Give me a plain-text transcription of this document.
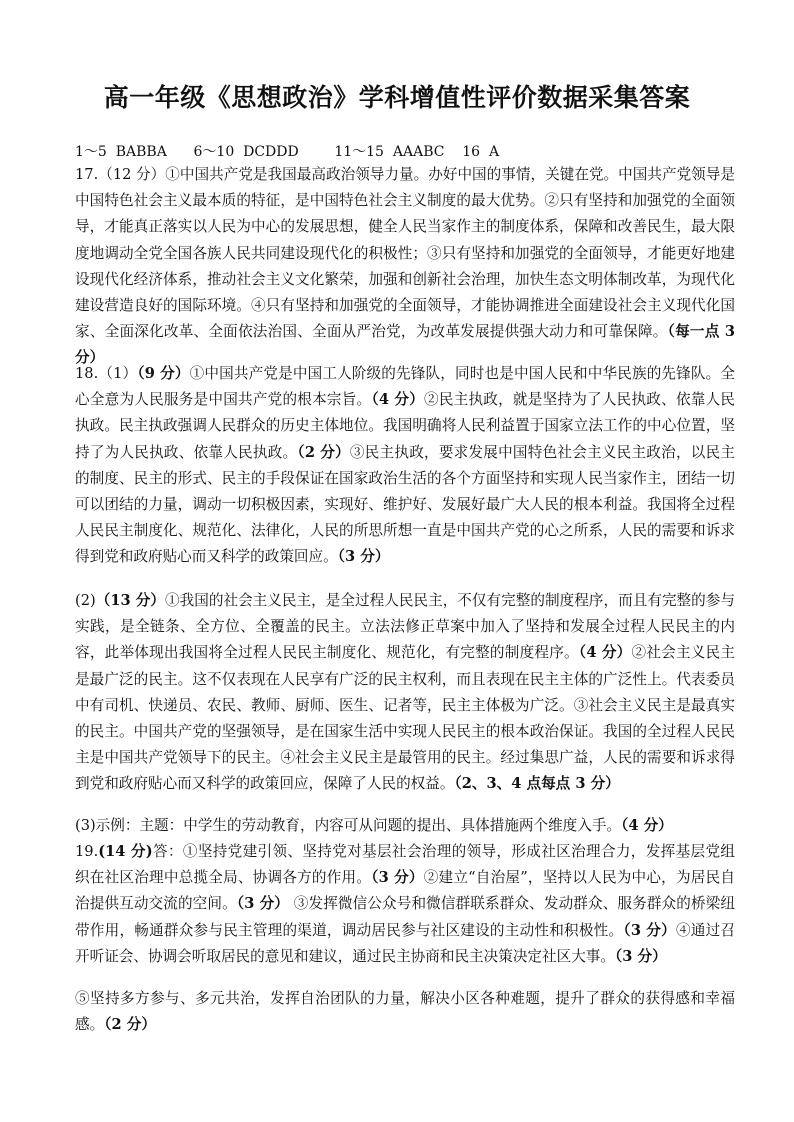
高一年级《思想政治》学科增值性评价数据采集答案
1～5  BABBA      6～10  DCDDD        11～15  AAABC    16  A
17.（12 分）①中国共产党是我国最高政治领导力量。办好中国的事情，关键在党。中国共产党领导是中国特色社会主义最本质的特征，是中国特色社会主义制度的最大优势。②只有坚持和加强党的全面领导，才能真正落实以人民为中心的发展思想，健全人民当家作主的制度体系，保障和改善民生，最大限度地调动全党全国各族人民共同建设现代化的积极性；③只有坚持和加强党的全面领导，才能更好地建设现代化经济体系，推动社会主义文化繁荣，加强和创新社会治理，加快生态文明体制改革，为现代化建设营造良好的国际环境。④只有坚持和加强党的全面领导，才能协调推进全面建设社会主义现代化国家、全面深化改革、全面依法治国、全面从严治党，为改革发展提供强大动力和可靠保障。（每一点 3 分）
18.（1）（9 分）①中国共产党是中国工人阶级的先锋队，同时也是中国人民和中华民族的先锋队。全心全意为人民服务是中国共产党的根本宗旨。（4 分）②民主执政，就是坚持为了人民执政、依靠人民执政。民主执政强调人民群众的历史主体地位。我国明确将人民利益置于国家立法工作的中心位置，坚持了为人民执政、依靠人民执政。（2 分）③民主执政，要求发展中国特色社会主义民主政治，以民主的制度、民主的形式、民主的手段保证在国家政治生活的各个方面坚持和实现人民当家作主，团结一切可以团结的力量，调动一切积极因素，实现好、维护好、发展好最广大人民的根本利益。我国将全过程人民民主制度化、规范化、法律化，人民的所思所想一直是中国共产党的心之所系，人民的需要和诉求得到党和政府贴心而又科学的政策回应。（3 分）
(2)（13 分）①我国的社会主义民主，是全过程人民民主，不仅有完整的制度程序，而且有完整的参与实践，是全链条、全方位、全覆盖的民主。立法法修正草案中加入了坚持和发展全过程人民民主的内容，此举体现出我国将全过程人民民主制度化、规范化，有完整的制度程序。（4 分）②社会主义民主是最广泛的民主。这不仅表现在人民享有广泛的民主权利，而且表现在民主主体的广泛性上。代表委员中有司机、快递员、农民、教师、厨师、医生、记者等，民主主体极为广泛。③社会主义民主是最真实的民主。中国共产党的坚强领导，是在国家生活中实现人民民主的根本政治保证。我国的全过程人民民主是中国共产党领导下的民主。④社会主义民主是最管用的民主。经过集思广益，人民的需要和诉求得到党和政府贴心而又科学的政策回应，保障了人民的权益。（2、3、4 点每点 3 分）
(3)示例：主题：中学生的劳动教育，内容可从问题的提出、具体措施两个维度入手。（4 分）
19.(14 分)答：①坚持党建引领、坚持党对基层社会治理的领导，形成社区治理合力，发挥基层党组织在社区治理中总揽全局、协调各方的作用。（3 分）②建立“自治屋”，坚持以人民为中心，为居民自治提供互动交流的空间。（3 分） ③发挥微信公众号和微信群联系群众、发动群众、服务群众的桥梁纽带作用，畅通群众参与民主管理的渠道，调动居民参与社区建设的主动性和积极性。（3 分）④通过召开听证会、协调会听取居民的意见和建议，通过民主协商和民主决策决定社区大事。（3 分）
⑤坚持多方参与、多元共治，发挥自治团队的力量，解决小区各种难题，提升了群众的获得感和幸福感。（2 分）
